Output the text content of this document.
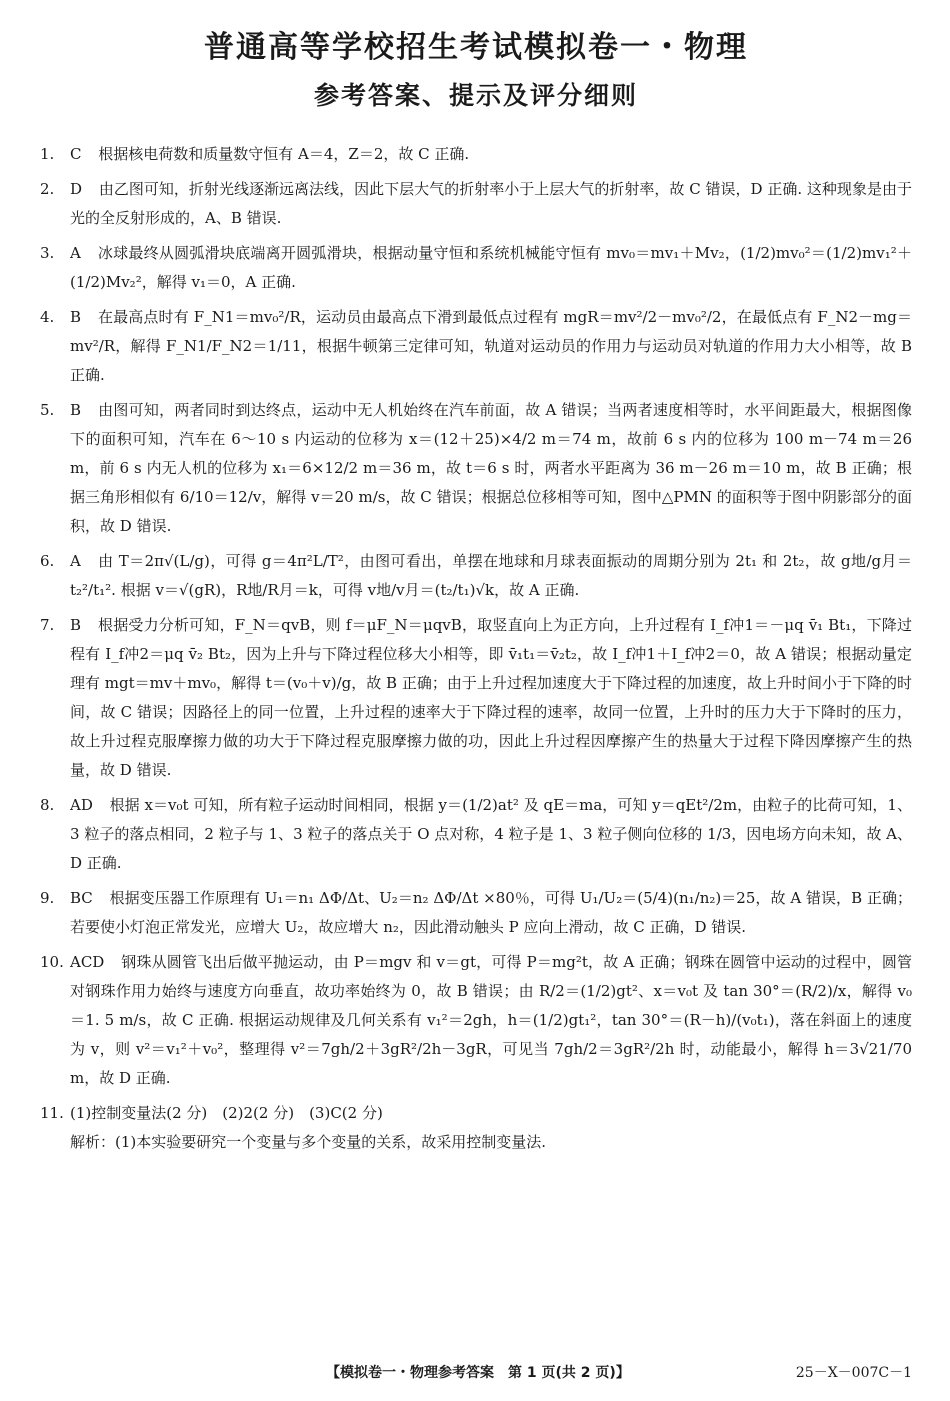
普通高等学校招生考试模拟卷一・物理
参考答案、提示及评分细则
1. C 根据核电荷数和质量数守恒有 A＝4，Z＝2，故 C 正确.
2. D 由乙图可知，折射光线逐渐远离法线，因此下层大气的折射率小于上层大气的折射率，故 C 错误，D 正确. 这种现象是由于光的全反射形成的，A、B 错误.
3. A 冰球最终从圆弧滑块底端离开圆弧滑块，根据动量守恒和系统机械能守恒有 mv₀＝mv₁＋Mv₂，(1/2)mv₀²＝(1/2)mv₁²＋(1/2)Mv₂²，解得 v₁＝0，A 正确.
4. B 在最高点时有 F_N1＝mv₀²/R，运动员由最高点下滑到最低点过程有 mgR＝mv²/2－mv₀²/2，在最低点有 F_N2－mg＝mv²/R，解得 F_N1/F_N2＝1/11，根据牛顿第三定律可知，轨道对运动员的作用力与运动员对轨道的作用力大小相等，故 B 正确.
5. B 由图可知，两者同时到达终点，运动中无人机始终在汽车前面，故 A 错误；当两者速度相等时，水平间距最大，根据图像下的面积可知，汽车在 6～10 s 内运动的位移为 x＝(12＋25)×4/2 m＝74 m，故前 6 s 内的位移为 100 m－74 m＝26 m，前 6 s 内无人机的位移为 x₁＝6×12/2 m＝36 m，故 t＝6 s 时，两者水平距离为 36 m－26 m＝10 m，故 B 正确；根据三角形相似有 6/10＝12/v，解得 v＝20 m/s，故 C 错误；根据总位移相等可知，图中△PMN 的面积等于图中阴影部分的面积，故 D 错误.
6. A 由 T＝2π√(L/g)，可得 g＝4π²L/T²，由图可看出，单摆在地球和月球表面振动的周期分别为 2t₁ 和 2t₂，故 g地/g月＝t₂²/t₁². 根据 v＝√(gR)，R地/R月＝k，可得 v地/v月＝(t₂/t₁)√k，故 A 正确.
7. B 根据受力分析可知，F_N＝qvB，则 f＝μF_N＝μqvB，取竖直向上为正方向，上升过程有 I_f冲1＝－μq v̄₁ Bt₁，下降过程有 I_f冲2＝μq v̄₂ Bt₂，因为上升与下降过程位移大小相等，即 v̄₁t₁＝v̄₂t₂，故 I_f冲1＋I_f冲2＝0，故 A 错误；根据动量定理有 mgt＝mv＋mv₀，解得 t＝(v₀＋v)/g，故 B 正确；由于上升过程加速度大于下降过程的加速度，故上升时间小于下降的时间，故 C 错误；因路径上的同一位置，上升过程的速率大于下降过程的速率，故同一位置，上升时的压力大于下降时的压力，故上升过程克服摩擦力做的功大于下降过程克服摩擦力做的功，因此上升过程因摩擦产生的热量大于过程下降因摩擦产生的热量，故 D 错误.
8. AD 根据 x＝v₀t 可知，所有粒子运动时间相同，根据 y＝(1/2)at² 及 qE＝ma，可知 y＝qEt²/2m，由粒子的比荷可知，1、3 粒子的落点相同，2 粒子与 1、3 粒子的落点关于 O 点对称，4 粒子是 1、3 粒子侧向位移的 1/3，因电场方向未知，故 A、D 正确.
9. BC 根据变压器工作原理有 U₁＝n₁ ΔΦ/Δt、U₂＝n₂ ΔΦ/Δt ×80％，可得 U₁/U₂＝(5/4)(n₁/n₂)＝25，故 A 错误，B 正确；若要使小灯泡正常发光，应增大 U₂，故应增大 n₂，因此滑动触头 P 应向上滑动，故 C 正确，D 错误.
10. ACD 钢珠从圆管飞出后做平抛运动，由 P＝mgv 和 v＝gt，可得 P＝mg²t，故 A 正确；钢珠在圆管中运动的过程中，圆管对钢珠作用力始终与速度方向垂直，故功率始终为 0，故 B 错误；由 R/2＝(1/2)gt²、x＝v₀t 及 tan 30°＝(R/2)/x，解得 v₀＝1. 5 m/s，故 C 正确. 根据运动规律及几何关系有 v₁²＝2gh，h＝(1/2)gt₁²，tan 30°＝(R－h)/(v₀t₁)，落在斜面上的速度为 v，则 v²＝v₁²＋v₀²，整理得 v²＝7gh/2＋3gR²/2h－3gR，可见当 7gh/2＝3gR²/2h 时，动能最小，解得 h＝3√21/70 m，故 D 正确.
11. (1)控制变量法(2 分)　(2)2(2 分)　(3)C(2 分)
解析：(1)本实验要研究一个变量与多个变量的关系，故采用控制变量法.
【模拟卷一・物理参考答案　第 1 页(共 2 页)】	25－X－007C－1
